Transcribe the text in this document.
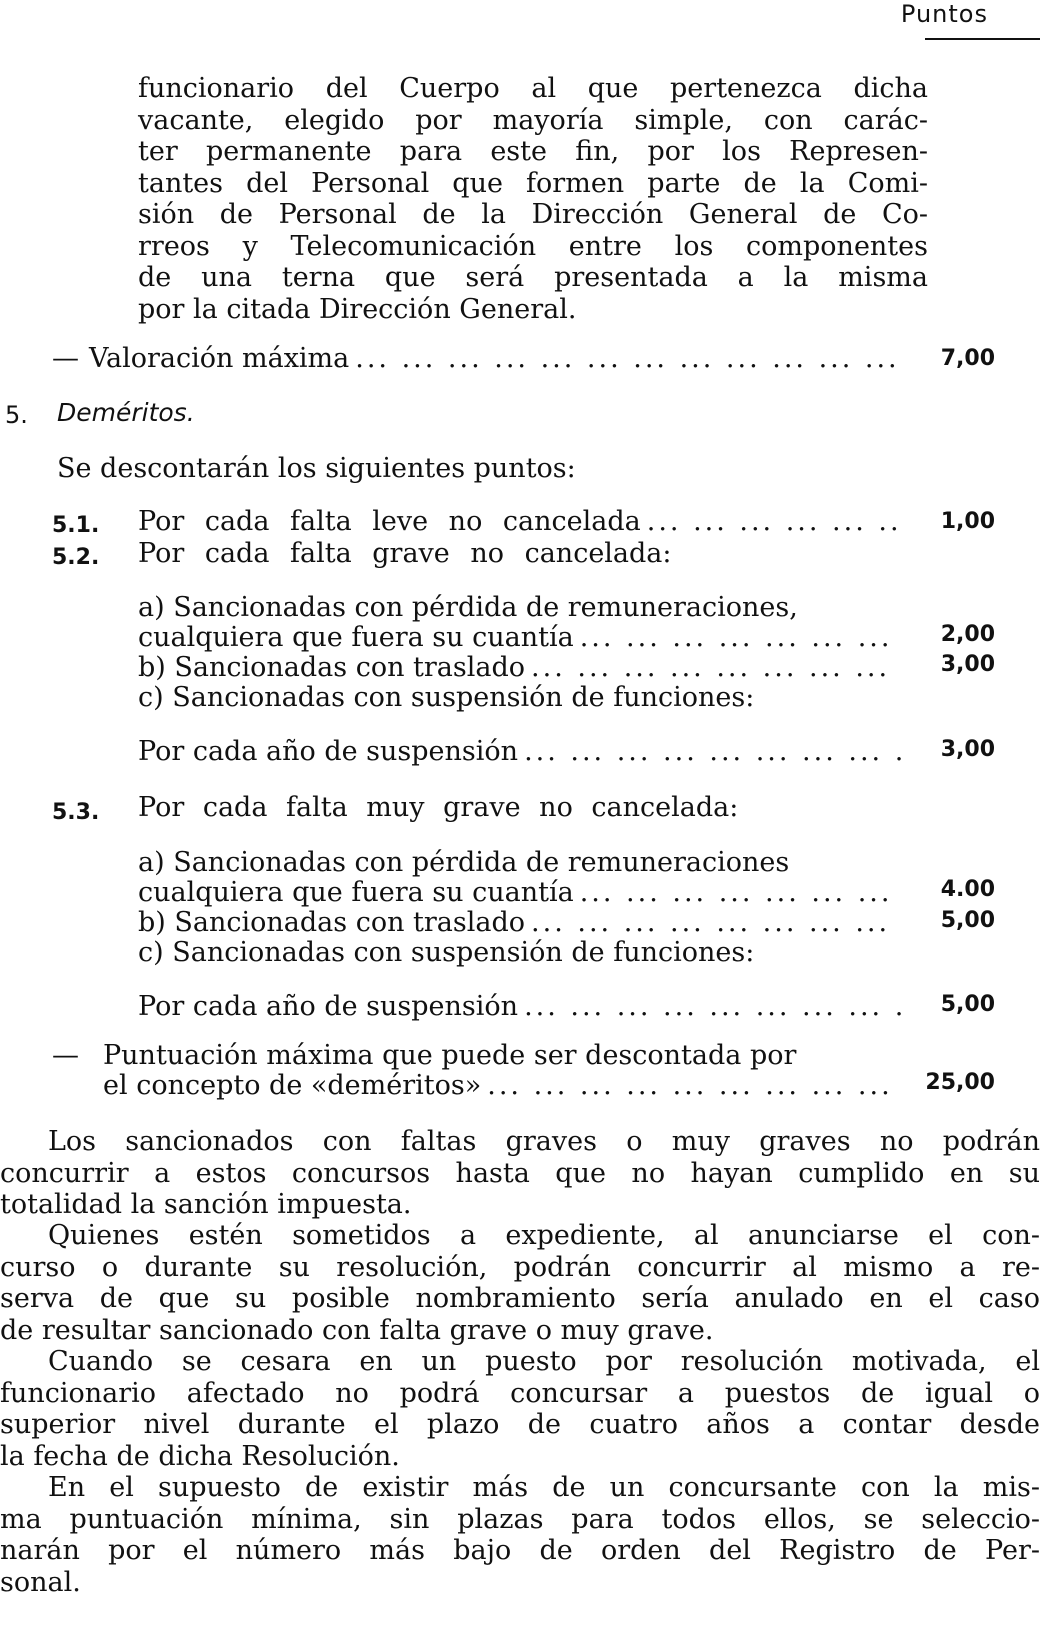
Puntos
funcionario del Cuerpo al que pertenezca dicha
vacante, elegido por mayoría simple, con carác-
ter permanente para este fin, por los Represen-
tantes del Personal que formen parte de la Comi-
sión de Personal de la Dirección General de Co-
rreos y Telecomunicación entre los componentes
de una terna que será presentada a la misma
por la citada Dirección General.
— Valoración máxima ... .	7,00
5. Deméritos.
Se descontarán los siguientes puntos:
5.1. Por cada falta leve no cancelada ... .	1,00
5.2. Por cada falta grave no cancelada:
a) Sancionadas con pérdida de remuneraciones,
cualquiera que fuera su cuantía ... .	2,00
b) Sancionadas con traslado ... .	3,00
c) Sancionadas con suspensión de funciones:
Por cada año de suspensión ... .	3,00
5.3. Por cada falta muy grave no cancelada:
a) Sancionadas con pérdida de remuneraciones
cualquiera que fuera su cuantía ... .	4.00
b) Sancionadas con traslado ... .	5,00
c) Sancionadas con suspensión de funciones:
Por cada año de suspensión ... .	5,00
— Puntuación máxima que puede ser descontada por
el concepto de «deméritos» ... .	25,00
Los sancionados con faltas graves o muy graves no podrán
concurrir a estos concursos hasta que no hayan cumplido en su
totalidad la sanción impuesta.
Quienes estén sometidos a expediente, al anunciarse el con-
curso o durante su resolución, podrán concurrir al mismo a re-
serva de que su posible nombramiento sería anulado en el caso
de resultar sancionado con falta grave o muy grave.
Cuando se cesara en un puesto por resolución motivada, el
funcionario afectado no podrá concursar a puestos de igual o
superior nivel durante el plazo de cuatro años a contar desde
la fecha de dicha Resolución.
En el supuesto de existir más de un concursante con la mis-
ma puntuación mínima, sin plazas para todos ellos, se seleccio-
narán por el número más bajo de orden del Registro de Per-
sonal.
